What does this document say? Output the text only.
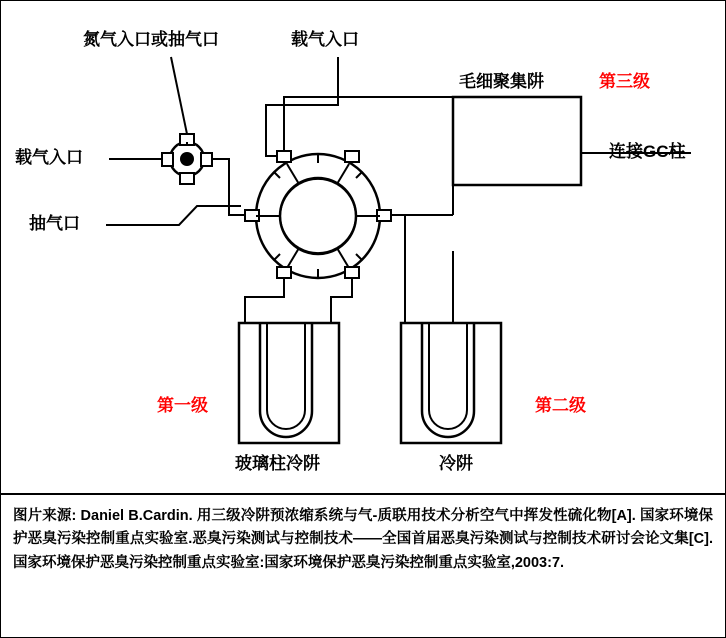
氮气入口或抽气口	载气入口
载气入口
抽气口
毛细聚集阱	第三级
连接GC柱
第一级	第二级
玻璃柱冷阱	冷阱

图片来源: Daniel B.Cardin. 用三级冷阱预浓缩系统与气-质联用技术分析空气中挥发性硫化物[A]. 国家环境保护恶臭污染控制重点实验室.恶臭污染测试与控制技术——全国首届恶臭污染测试与控制技术研讨会论文集[C].国家环境保护恶臭污染控制重点实验室:国家环境保护恶臭污染控制重点实验室,2003:7.
